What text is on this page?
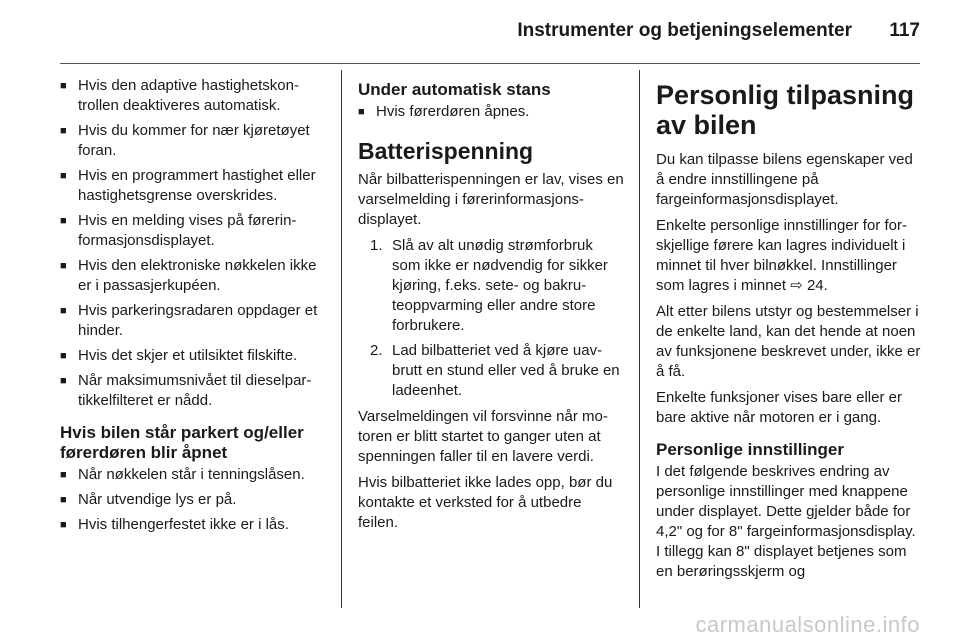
Instrumenter og betjeningselementer 117
■ Hvis den adaptive hastighetskontrollen deaktiveres automatisk.
■ Hvis du kommer for nær kjøretøyet foran.
■ Hvis en programmert hastighet eller hastighetsgrense overskrides.
■ Hvis en melding vises på førerinformasjonsdisplayet.
■ Hvis den elektroniske nøkkelen ikke er i passasjerkupéen.
■ Hvis parkeringsradaren oppdager et hinder.
■ Hvis det skjer et utilsiktet filskifte.
■ Når maksimumsnivået til dieselpartikkelfilteret er nådd.
Hvis bilen står parkert og/eller førerdøren blir åpnet
■ Når nøkkelen står i tenningslåsen.
■ Når utvendige lys er på.
■ Hvis tilhengerfestet ikke er i lås.
Under automatisk stans
■ Hvis førerdøren åpnes.
Batterispenning

Når bilbatterispenningen er lav, vises en varselmelding i førerinformasjonsdisplayet.

1. Slå av alt unødig strømforbruk som ikke er nødvendig for sikker kjøring, f.eks. sete- og bakruteoppvarming eller andre store forbrukere.
2. Lad bilbatteriet ved å kjøre uavbrutt en stund eller ved å bruke en ladeenhet.

Varselmeldingen vil forsvinne når motoren er blitt startet to ganger uten at spenningen faller til en lavere verdi.

Hvis bilbatteriet ikke lades opp, bør du kontakte et verksted for å utbedre feilen.

Personlig tilpasning av bilen

Du kan tilpasse bilens egenskaper ved å endre innstillingene på fargeinformasjonsdisplayet.

Enkelte personlige innstillinger for forskjellige førere kan lagres individuelt i minnet til hver bilnøkkel. Innstillinger som lagres i minnet ⇨ 24.

Alt etter bilens utstyr og bestemmelser i de enkelte land, kan det hende at noen av funksjonene beskrevet under, ikke er å få.

Enkelte funksjoner vises bare eller er bare aktive når motoren er i gang.

Personlige innstillinger

I det følgende beskrives endring av personlige innstillinger med knappene under displayet. Dette gjelder både for 4,2" og for 8" fargeinformasjonsdisplay. I tillegg kan 8" displayet betjenes som en berøringsskjerm og

carmanualsonline.info
